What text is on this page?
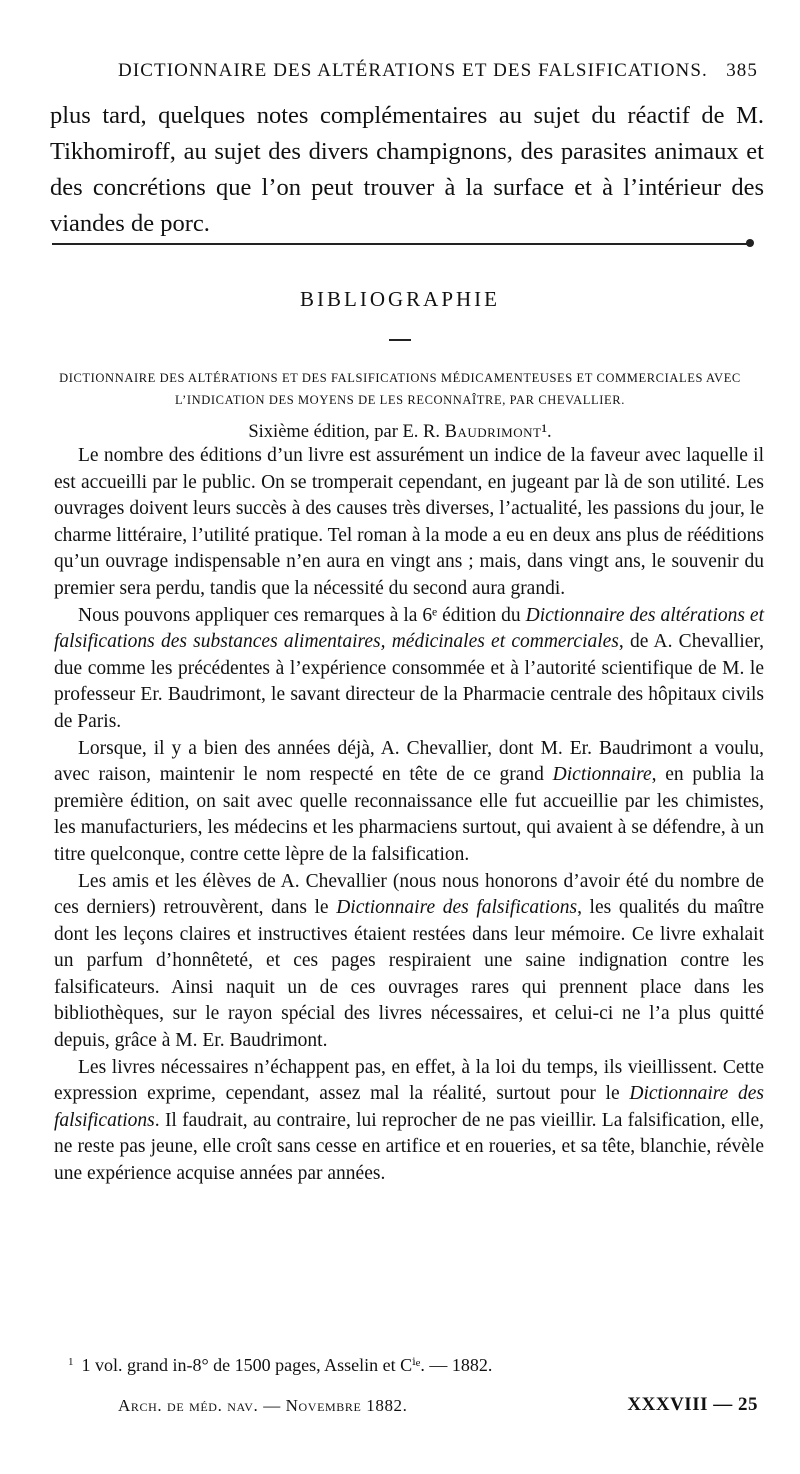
DICTIONNAIRE DES ALTÉRATIONS ET DES FALSIFICATIONS. 385
plus tard, quelques notes complémentaires au sujet du réactif de M. Tikhomiroff, au sujet des divers champignons, des parasites animaux et des concrétions que l’on peut trouver à la surface et à l’intérieur des viandes de porc.
BIBLIOGRAPHIE
DICTIONNAIRE DES ALTÉRATIONS ET DES FALSIFICATIONS MÉDICAMENTEUSES ET COMMERCIALES AVEC L’INDICATION DES MOYENS DE LES RECONNAÎTRE, PAR CHEVALLIER.
Sixième édition, par E. R. Baudrimont¹.

Le nombre des éditions d’un livre est assurément un indice de la faveur avec laquelle il est accueilli par le public. On se tromperait cependant, en jugeant par là de son utilité. Les ouvrages doivent leurs succès à des causes très diverses, l’actualité, les passions du jour, le charme littéraire, l’utilité pratique. Tel roman à la mode a eu en deux ans plus de rééditions qu’un ouvrage indispensable n’en aura en vingt ans ; mais, dans vingt ans, le souvenir du premier sera perdu, tandis que la nécessité du second aura grandi.

Nous pouvons appliquer ces remarques à la 6ᵉ édition du Dictionnaire des altérations et falsifications des substances alimentaires, médicinales et commerciales, de A. Chevallier, due comme les précédentes à l’expérience consommée et à l’autorité scientifique de M. le professeur Er. Baudrimont, le savant directeur de la Pharmacie centrale des hôpitaux civils de Paris.

Lorsque, il y a bien des années déjà, A. Chevallier, dont M. Er. Baudrimont a voulu, avec raison, maintenir le nom respecté en tête de ce grand Dictionnaire, en publia la première édition, on sait avec quelle reconnaissance elle fut accueillie par les chimistes, les manufacturiers, les médecins et les pharmaciens surtout, qui avaient à se défendre, à un titre quelconque, contre cette lèpre de la falsification.

Les amis et les élèves de A. Chevallier (nous nous honorons d’avoir été du nombre de ces derniers) retrouvèrent, dans le Dictionnaire des falsifications, les qualités du maître dont les leçons claires et instructives étaient restées dans leur mémoire. Ce livre exhalait un parfum d’honnêteté, et ces pages respiraient une saine indignation contre les falsificateurs. Ainsi naquit un de ces ouvrages rares qui prennent place dans les bibliothèques, sur le rayon spécial des livres nécessaires, et celui-ci ne l’a plus quitté depuis, grâce à M. Er. Baudrimont.

Les livres nécessaires n’échappent pas, en effet, à la loi du temps, ils vieillissent. Cette expression exprime, cependant, assez mal la réalité, surtout pour le Dictionnaire des falsifications. Il faudrait, au contraire, lui reprocher de ne pas vieillir. La falsification, elle, ne reste pas jeune, elle croît sans cesse en artifice et en roueries, et sa tête, blanchie, révèle une expérience acquise années par années.

$^1$ 1 vol. grand in-8° de 1500 pages, Asselin et Cⁱᵉ. — 1882.
Arch. de méd. nav. — Novembre 1882.	XXXVIII — 25
